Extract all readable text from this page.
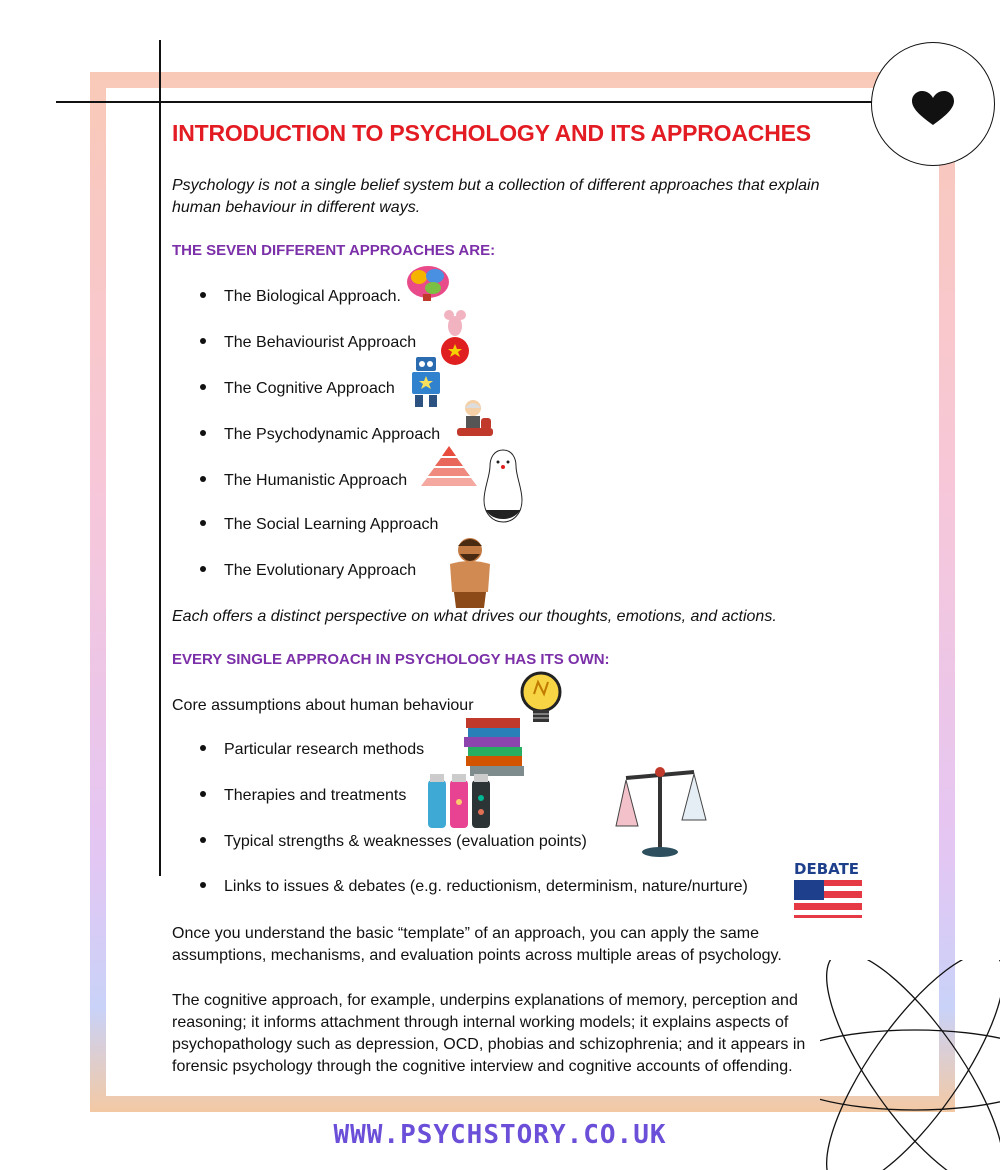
INTRODUCTION TO PSYCHOLOGY AND ITS APPROACHES
Psychology is not a single belief system but a collection of different approaches that explain human behaviour in different ways.
THE SEVEN DIFFERENT APPROACHES ARE:
The Biological Approach.
The Behaviourist Approach
The Cognitive Approach
The Psychodynamic Approach
The Humanistic Approach
The Social Learning Approach
The Evolutionary Approach
Each offers a distinct perspective on what drives our thoughts, emotions, and actions.
EVERY SINGLE APPROACH IN PSYCHOLOGY HAS ITS OWN:
Core assumptions about human behaviour
Particular research methods
Therapies and treatments
Typical strengths & weaknesses (evaluation points)
Links to issues & debates (e.g. reductionism, determinism, nature/nurture)
DEBATE
Once you understand the basic “template” of an approach, you can apply the same assumptions, mechanisms, and evaluation points across multiple areas of psychology.
The cognitive approach, for example, underpins explanations of memory, perception and reasoning; it informs attachment through internal working models; it explains aspects of psychopathology such as depression, OCD, phobias and schizophrenia; and it appears in forensic psychology through the cognitive interview and cognitive accounts of offending.
WWW.PSYCHSTORY.CO.UK
